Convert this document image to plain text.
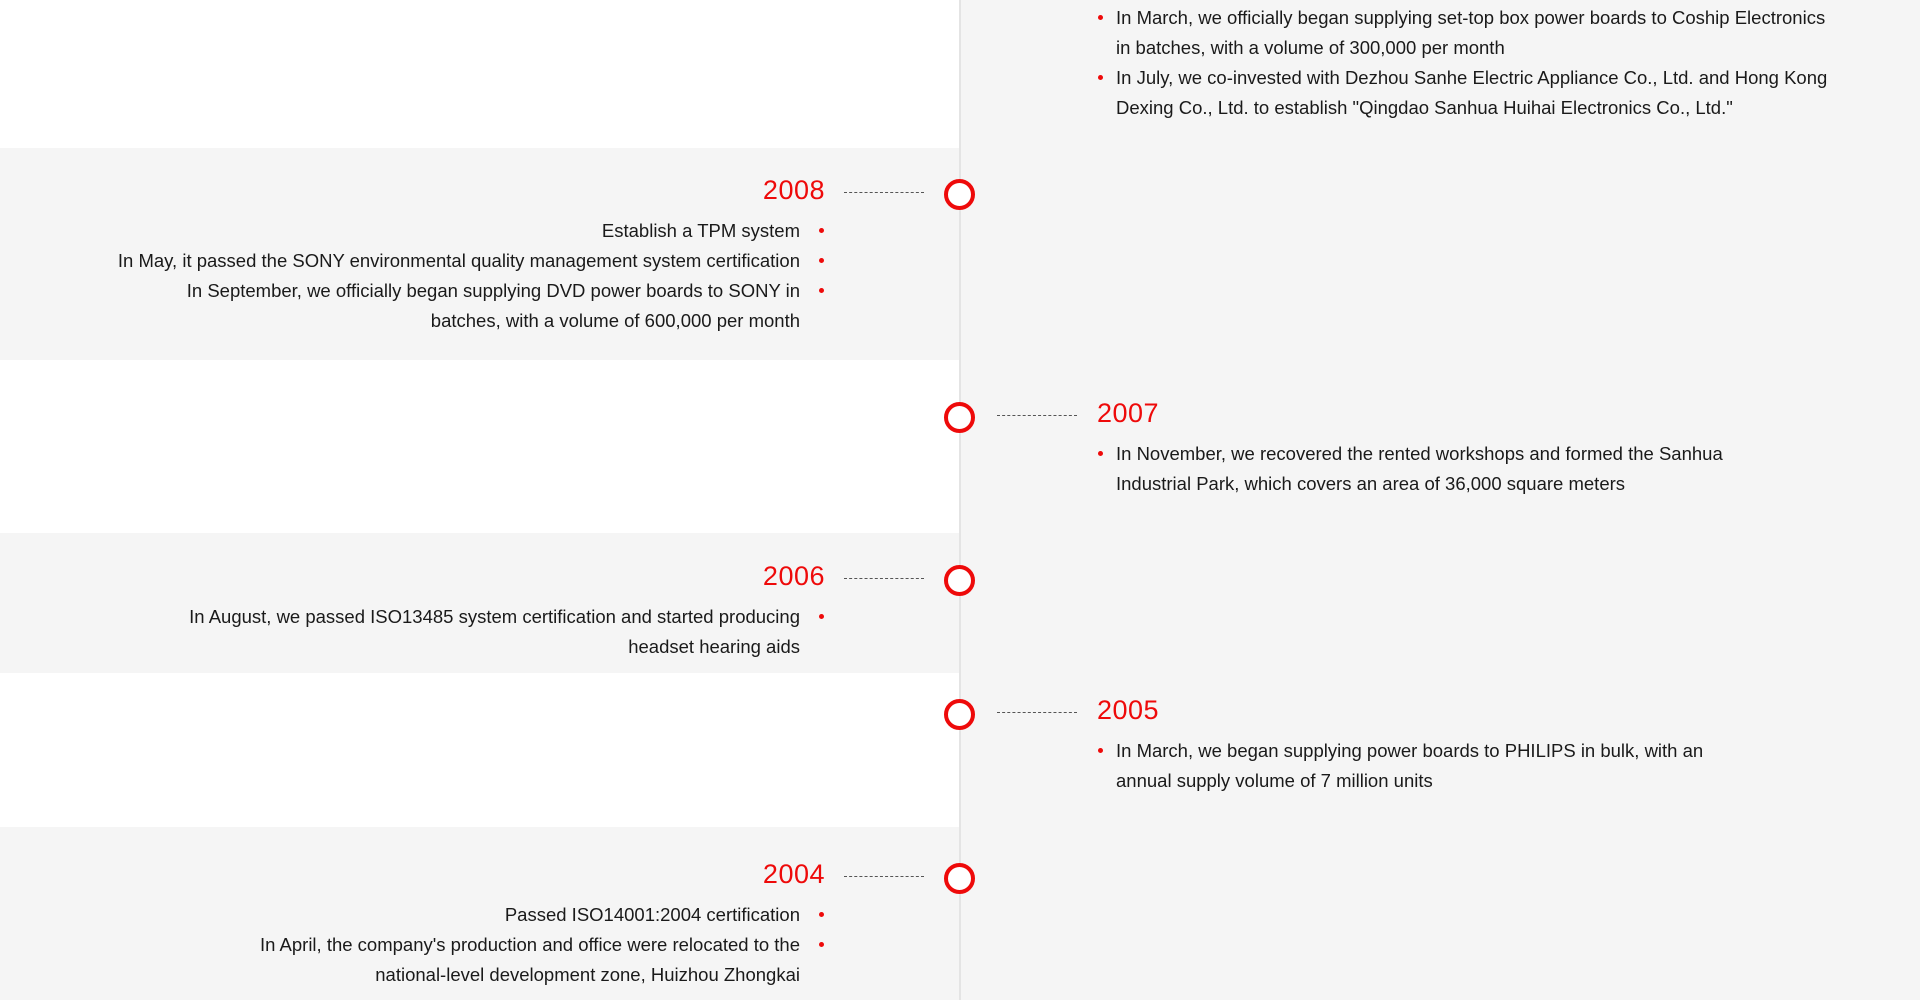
In March, we officially began supplying set-top box power boards to Coship Electronics in batches, with a volume of 300,000 per month
In July, we co-invested with Dezhou Sanhe Electric Appliance Co., Ltd. and Hong Kong Dexing Co., Ltd. to establish "Qingdao Sanhua Huihai Electronics Co., Ltd."
2008
Establish a TPM system
In May, it passed the SONY environmental quality management system certification
In September, we officially began supplying DVD power boards to SONY in batches, with a volume of 600,000 per month
2007
In November, we recovered the rented workshops and formed the Sanhua Industrial Park, which covers an area of 36,000 square meters
2006
In August, we passed ISO13485 system certification and started producing headset hearing aids
2005
In March, we began supplying power boards to PHILIPS in bulk, with an annual supply volume of 7 million units
2004
Passed ISO14001:2004 certification
In April, the company's production and office were relocated to the national-level development zone, Huizhou Zhongkai
